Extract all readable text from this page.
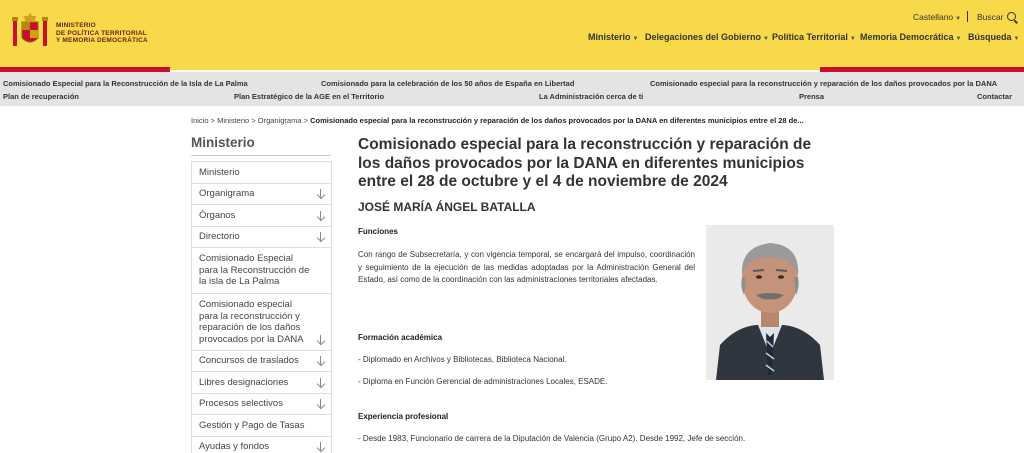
MINISTERIO
DE POLÍTICA TERRITORIAL
Y MEMORIA DEMOCRÁTICA
Castellano ▼ Buscar
Ministerio ▼ Delegaciones del Gobierno ▼ Política Territorial ▼ Memoria Democrática ▼ Búsqueda ▼
Comisionado Especial para la Reconstrucción de la Isla de La Palma	Comisionado para la celebración de los 50 años de España en Libertad	Comisionado especial para la reconstrucción y reparación de los daños provocados por la DANA
Plan de recuperación	Plan Estratégico de la AGE en el Territorio	La Administración cerca de ti	Prensa	Contactar
Inicio > Ministerio > Organigrama > Comisionado especial para la reconstrucción y reparación de los daños provocados por la DANA en diferentes municipios entre el 28 de...
Ministerio
Ministerio
Organigrama
Órganos
Directorio
Comisionado Especial para la Reconstrucción de la isla de La Palma
Comisionado especial para la reconstrucción y reparación de los daños provocados por la DANA
Concursos de traslados
Libres designaciones
Procesos selectivos
Gestión y Pago de Tasas
Ayudas y fondos
Comisionado especial para la reconstrucción y reparación de los daños provocados por la DANA en diferentes municipios entre el 28 de octubre y el 4 de noviembre de 2024
JOSÉ MARÍA ÁNGEL BATALLA
Funciones

Con rango de Subsecretaría, y con vigencia temporal, se encargará del impulso, coordinación y seguimiento de la ejecución de las medidas adoptadas por la Administración General del Estado, así como de la coordinación con las administraciones territoriales afectadas.

Formación académica
- Diplomado en Archivos y Bibliotecas, Biblioteca Nacional.
- Diploma en Función Gerencial de administraciones Locales, ESADE.
Experiencia profesional
- Desde 1983, Funcionario de carrera de la Diputación de Valencia (Grupo A2). Desde 1992, Jefe de sección.
